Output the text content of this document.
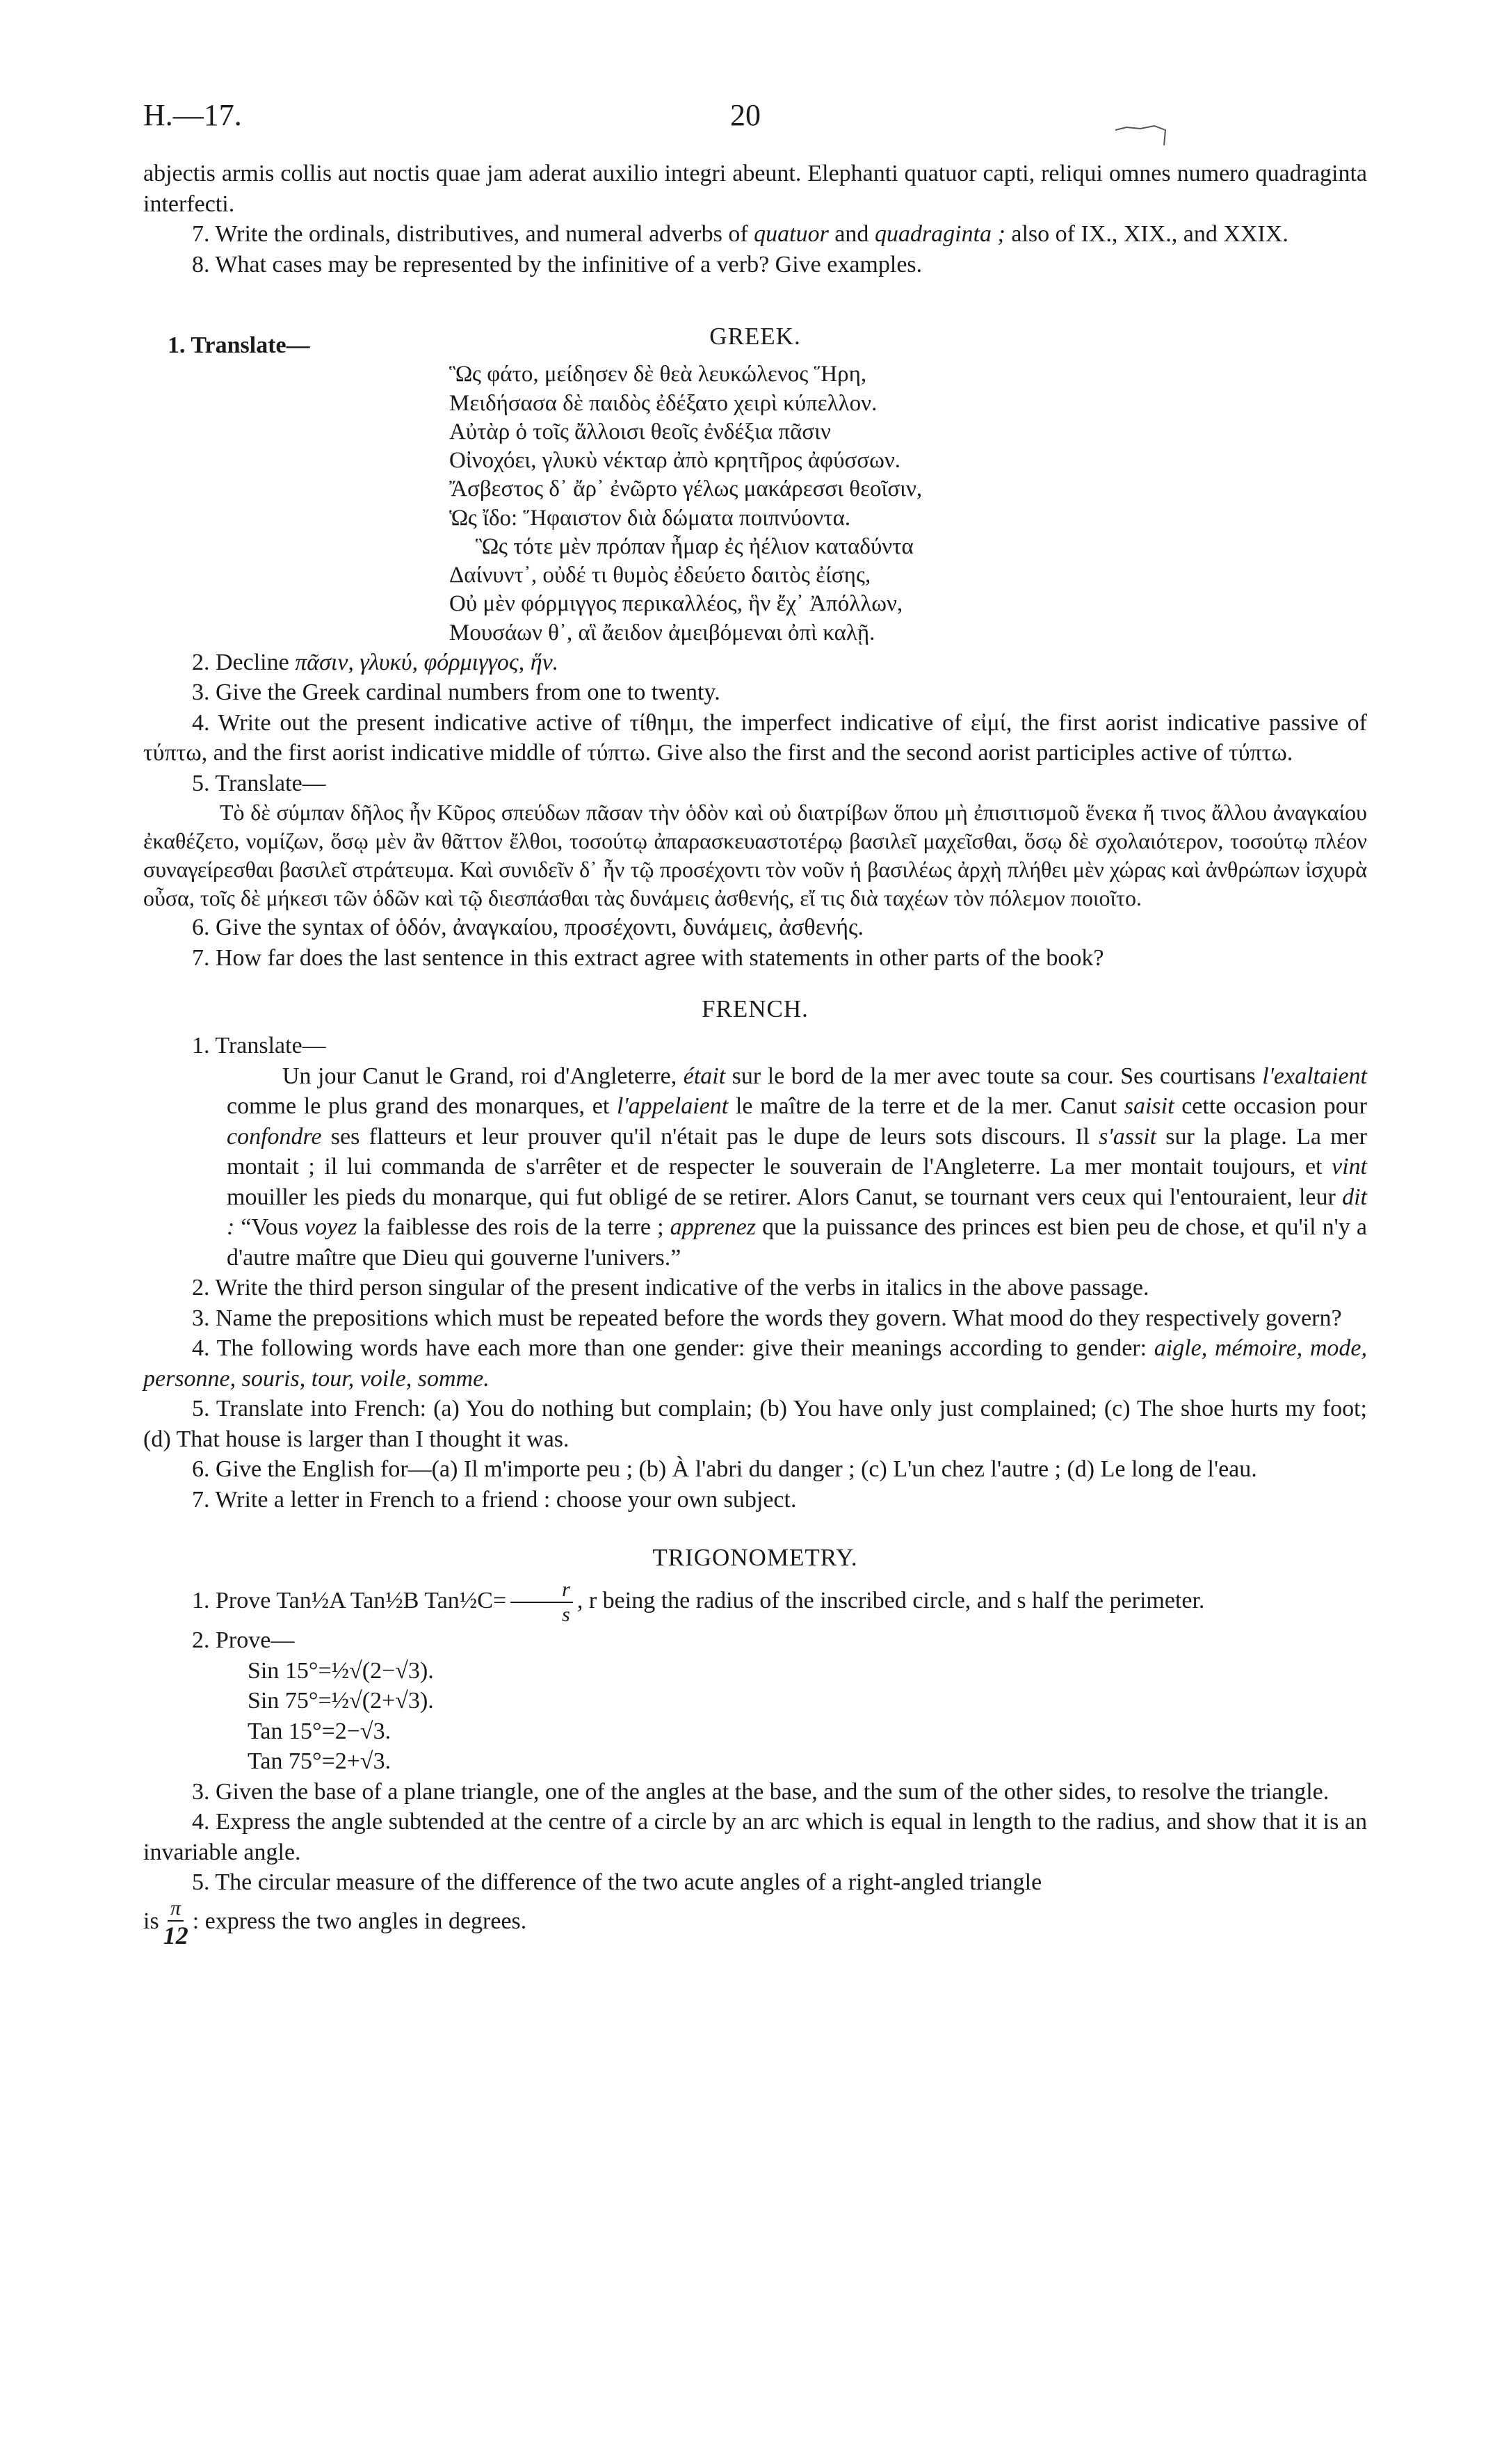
H.—17.	20

abjectis armis collis aut noctis quae jam aderat auxilio integri abeunt. Elephanti quatuor capti, reliqui omnes numero quadraginta interfecti.

7. Write the ordinals, distributives, and numeral adverbs of quatuor and quadraginta ; also of IX., XIX., and XXIX.

8. What cases may be represented by the infinitive of a verb? Give examples.

GREEK.
1. Translate—
Ὣς φάτο, μείδησεν δὲ θεὰ λευκώλενος Ἥρη,
Μειδήσασα δὲ παιδὸς ἐδέξατο χειρὶ κύπελλον.
Αὐτὰρ ὁ τοῖς ἄλλοισι θεοῖς ἐνδέξια πᾶσιν
Οἰνοχόει, γλυκὺ νέκταρ ἀπὸ κρητῆρος ἀφύσσων.
Ἄσβεστος δ᾽ ἄρ᾽ ἐνῶρτο γέλως μακάρεσσι θεοῖσιν,
Ὡς ἴδο: Ἥφαιστον διὰ δώματα ποιπνύοντα.
Ὣς τότε μὲν πρόπαν ἦμαρ ἐς ἠέλιον καταδύντα
Δαίνυντ᾽, οὐδέ τι θυμὸς ἐδεύετο δαιτὸς ἐίσης,
Οὐ μὲν φόρμιγγος περικαλλέος, ἣν ἔχ᾽ Ἀπόλλων,
Μουσάων θ᾽, αἳ ἄειδον ἀμειβόμεναι ὀπὶ καλῇ.

2. Decline πᾶσιν, γλυκύ, φόρμιγγος, ἥν.

3. Give the Greek cardinal numbers from one to twenty.

4. Write out the present indicative active of τίθημι, the imperfect indicative of εἰμί, the first aorist indicative passive of τύπτω, and the first aorist indicative middle of τύπτω. Give also the first and the second aorist participles active of τύπτω.

5. Translate—

Τὸ δὲ σύμπαν δῆλος ἦν Κῦρος σπεύδων πᾶσαν τὴν ὁδὸν καὶ οὐ διατρίβων ὅπου μὴ ἐπισιτισμοῦ ἕνεκα ἤ τινος ἄλλου ἀναγκαίου ἐκαθέζετο, νομίζων, ὅσῳ μὲν ἂν θᾶττον ἔλθοι, τοσούτῳ ἀπαρασκευαστοτέρῳ βασιλεῖ μαχεῖσθαι, ὅσῳ δὲ σχολαιότερον, τοσούτῳ πλέον συναγείρεσθαι βασιλεῖ στράτευμα. Καὶ συνιδεῖν δ᾽ ἦν τῷ προσέχοντι τὸν νοῦν ἡ βασιλέως ἀρχὴ πλήθει μὲν χώρας καὶ ἀνθρώπων ἰσχυρὰ οὖσα, τοῖς δὲ μήκεσι τῶν ὁδῶν καὶ τῷ διεσπάσθαι τὰς δυνάμεις ἀσθενής, εἴ τις διὰ ταχέων τὸν πόλεμον ποιοῖτο.

6. Give the syntax of ὁδόν, ἀναγκαίου, προσέχοντι, δυνάμεις, ἀσθενής.

7. How far does the last sentence in this extract agree with statements in other parts of the book?

FRENCH.

1. Translate—

Un jour Canut le Grand, roi d'Angleterre, était sur le bord de la mer avec toute sa cour. Ses courtisans l'exaltaient comme le plus grand des monarques, et l'appelaient le maître de la terre et de la mer. Canut saisit cette occasion pour confondre ses flatteurs et leur prouver qu'il n'était pas le dupe de leurs sots discours. Il s'assit sur la plage. La mer montait ; il lui commanda de s'arrêter et de respecter le souverain de l'Angleterre. La mer montait toujours, et vint mouiller les pieds du monarque, qui fut obligé de se retirer. Alors Canut, se tournant vers ceux qui l'entouraient, leur dit : “Vous voyez la faiblesse des rois de la terre ; apprenez que la puissance des princes est bien peu de chose, et qu'il n'y a d'autre maître que Dieu qui gouverne l'univers.”

2. Write the third person singular of the present indicative of the verbs in italics in the above passage.

3. Name the prepositions which must be repeated before the words they govern. What mood do they respectively govern?

4. The following words have each more than one gender: give their meanings according to gender: aigle, mémoire, mode, personne, souris, tour, voile, somme.

5. Translate into French: (a) You do nothing but complain; (b) You have only just complained; (c) The shoe hurts my foot; (d) That house is larger than I thought it was.

6. Give the English for—(a) Il m'importe peu ; (b) À l'abri du danger ; (c) L'un chez l'autre ; (d) Le long de l'eau.

7. Write a letter in French to a friend : choose your own subject.

TRIGONOMETRY.

1. Prove Tan½A Tan½B Tan½C= $\frac{r}{s}$ , r being the radius of the inscribed circle, and s half the perimeter.

2. Prove—

Sin 15°=½√(2−√3).
Sin 75°=½√(2+√3).
Tan 15°=2−√3.
Tan 75°=2+√3.

3. Given the base of a plane triangle, one of the angles at the base, and the sum of the other sides, to resolve the triangle.

4. Express the angle subtended at the centre of a circle by an arc which is equal in length to the radius, and show that it is an invariable angle.

5. The circular measure of the difference of the two acute angles of a right-angled triangle

is $\frac{\pi}{12}$ : express the two angles in degrees.
